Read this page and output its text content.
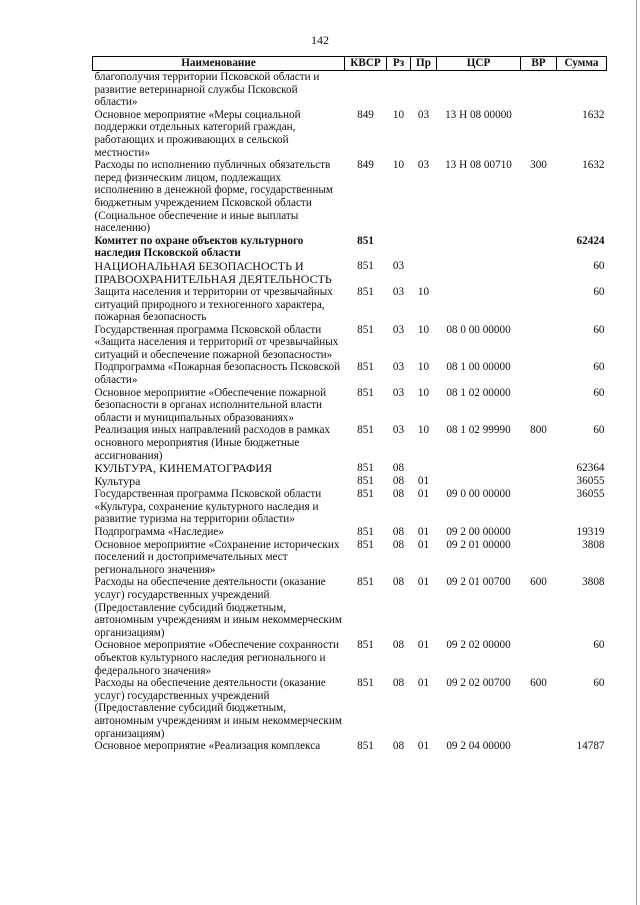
142
Наименование	КВСР	Рз	Пр	ЦСР	ВР	Сумма
благополучия территории Псковской области и развитие ветеринарной службы Псковской области»						
Основное мероприятие «Меры социальной поддержки отдельных категорий граждан, работающих и проживающих в сельской местности»	849	10	03	13 Н 08 00000		1632
Расходы по исполнению публичных обязательств перед физическим лицом, подлежащих исполнению в денежной форме, государственным бюджетным учреждением Псковской области (Социальное обеспечение и иные выплаты населению)	849	10	03	13 Н 08 00710	300	1632
Комитет по охране объектов культурного наследия Псковской области	851					62424
НАЦИОНАЛЬНАЯ БЕЗОПАСНОСТЬ И ПРАВООХРАНИТЕЛЬНАЯ ДЕЯТЕЛЬНОСТЬ	851	03				60
Защита населения и территории от чрезвычайных ситуаций природного и техногенного характера, пожарная безопасность	851	03	10			60
Государственная программа Псковской области «Защита населения и территорий от чрезвычайных ситуаций и обеспечение пожарной безопасности»	851	03	10	08 0 00 00000		60
Подпрограмма «Пожарная безопасность Псковской области»	851	03	10	08 1 00 00000		60
Основное мероприятие «Обеспечение пожарной безопасности в органах исполнительной власти области и муниципальных образованиях»	851	03	10	08 1 02 00000		60
Реализация иных направлений расходов в рамках основного мероприятия (Иные бюджетные ассигнования)	851	03	10	08 1 02 99990	800	60
КУЛЬТУРА, КИНЕМАТОГРАФИЯ	851	08				62364
Культура	851	08	01			36055
Государственная программа Псковской области «Культура, сохранение культурного наследия и развитие туризма на территории области»	851	08	01	09 0 00 00000		36055
Подпрограмма «Наследие»	851	08	01	09 2 00 00000		19319
Основное мероприятие «Сохранение исторических поселений и достопримечательных мест регионального значения»	851	08	01	09 2 01 00000		3808
Расходы на обеспечение деятельности (оказание услуг) государственных учреждений (Предоставление субсидий бюджетным, автономным учреждениям и иным некоммерческим организациям)	851	08	01	09 2 01 00700	600	3808
Основное мероприятие «Обеспечение сохранности объектов культурного наследия регионального и федерального значения»	851	08	01	09 2 02 00000		60
Расходы на обеспечение деятельности (оказание услуг) государственных учреждений (Предоставление субсидий бюджетным, автономным учреждениям и иным некоммерческим организациям)	851	08	01	09 2 02 00700	600	60
Основное мероприятие «Реализация комплекса	851	08	01	09 2 04 00000		14787
